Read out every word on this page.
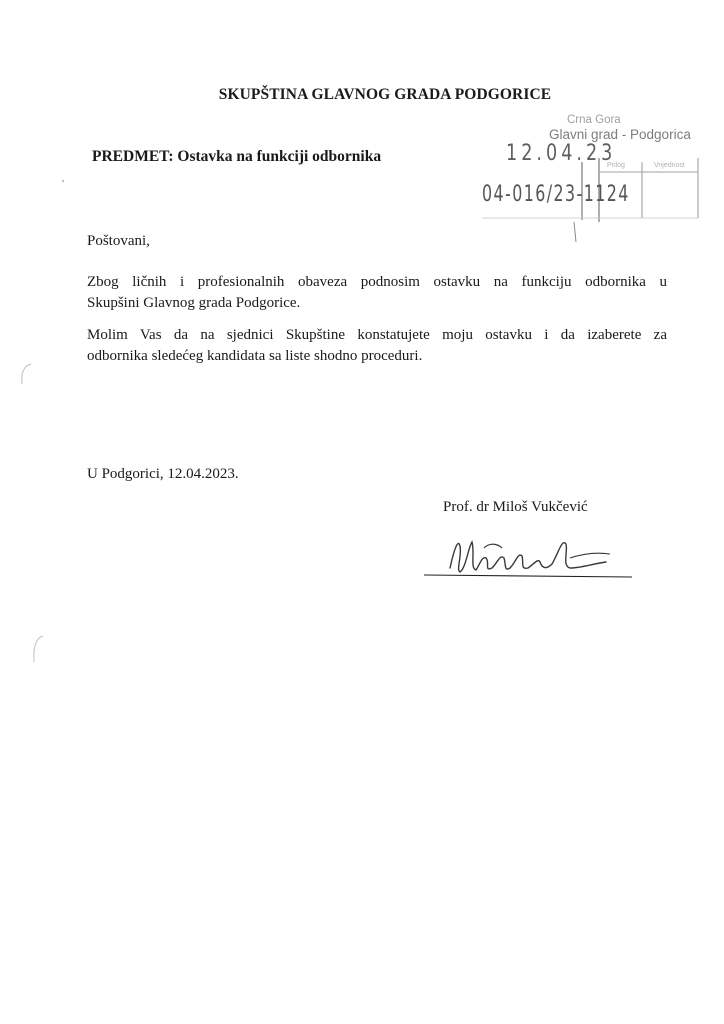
SKUPŠTINA GLAVNOG GRADA PODGORICE
PREDMET: Ostavka na funkciji odbornika
Poštovani,
Zbog ličnih i profesionalnih obaveza podnosim ostavku na funkciju odbornika u
Skupšini Glavnog grada Podgorice.
Molim Vas da na sjednici Skupštine konstatujete moju ostavku i da izaberete za
odbornika sledećeg kandidata sa liste shodno proceduri.
U Podgorici, 12.04.2023.
Prof. dr Miloš Vukčević
Crna Gora
Glavni grad - Podgorica
12.04.23
Prilog	Vrijednost
04-016/23-1124
